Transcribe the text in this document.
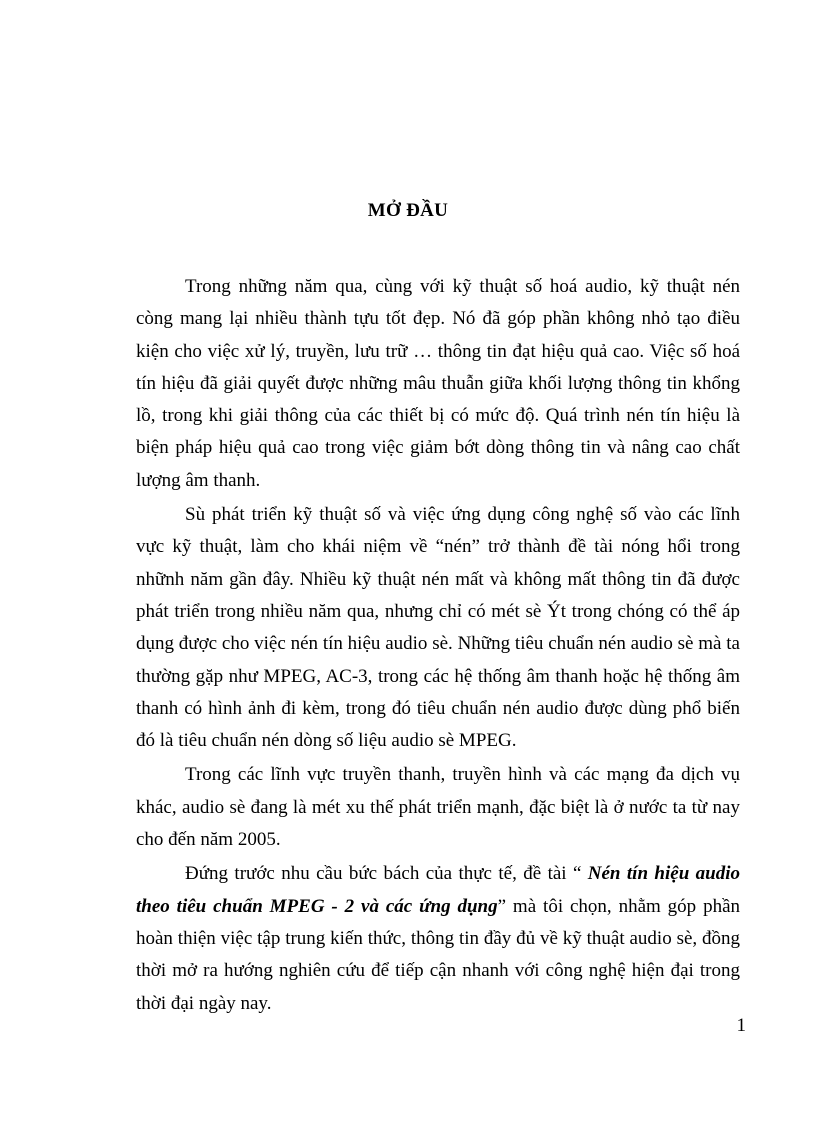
MỞ ĐẦU

Trong những năm qua, cùng với kỹ thuật số hoá audio, kỹ thuật nén còng mang lại nhiều thành tựu tốt đẹp. Nó đã góp phần không nhỏ tạo điều kiện cho việc xử lý, truyền, lưu trữ … thông tin đạt hiệu quả cao. Việc số hoá tín hiệu đã giải quyết được những mâu thuẫn giữa khối lượng thông tin khổng lồ, trong khi giải thông của các thiết bị có mức độ. Quá trình nén tín hiệu là biện pháp hiệu quả cao trong việc giảm bớt dòng thông tin và nâng cao chất lượng âm thanh.

Sù phát triển kỹ thuật số và việc ứng dụng công nghệ số vào các lĩnh vực kỹ thuật, làm cho khái niệm về “nén” trở thành đề tài nóng hổi trong nhữnh năm gần đây. Nhiều kỹ thuật nén mất và không mất thông tin đã được phát triển trong nhiều năm qua, nhưng chỉ có mét sè Ýt trong chóng có thể áp dụng được cho việc nén tín hiệu audio sè. Những tiêu chuẩn nén audio sè mà ta thường gặp như MPEG, AC-3, trong các hệ thống âm thanh hoặc hệ thống âm thanh có hình ảnh đi kèm, trong đó tiêu chuẩn nén audio được dùng phổ biến đó là tiêu chuẩn nén dòng số liệu audio sè MPEG.

Trong các lĩnh vực truyền thanh, truyền hình và các mạng đa dịch vụ khác, audio sè đang là mét xu thế phát triển mạnh, đặc biệt là ở nước ta từ nay cho đến năm 2005.

Đứng trước nhu cầu bức bách của thực tế, đề tài “ Nén tín hiệu audio theo tiêu chuẩn MPEG - 2 và các ứng dụng” mà tôi chọn, nhằm góp phần hoàn thiện việc tập trung kiến thức, thông tin đầy đủ về kỹ thuật audio sè, đồng thời mở ra hướng nghiên cứu để tiếp cận nhanh với công nghệ hiện đại trong thời đại ngày nay.

1
